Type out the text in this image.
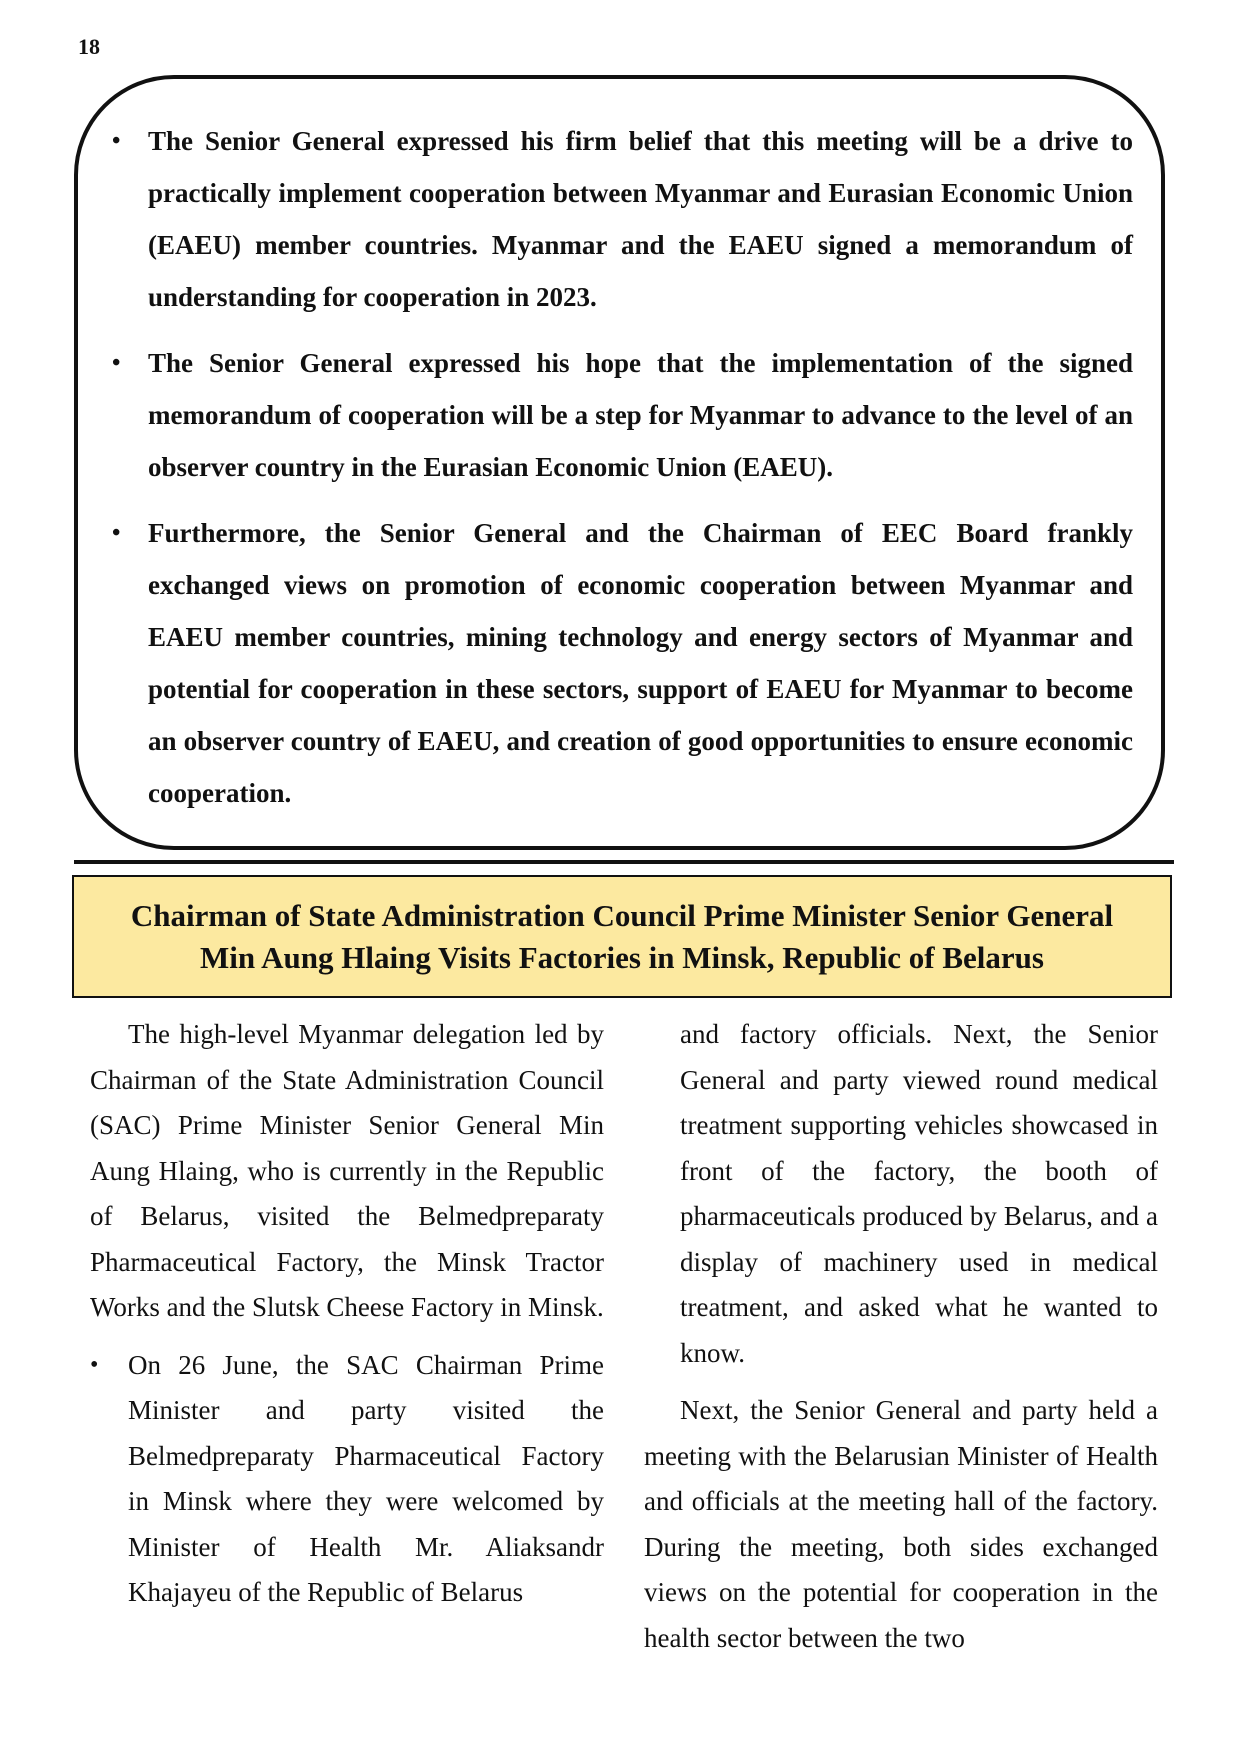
18
• The Senior General expressed his firm belief that this meeting will be a drive to practically implement cooperation between Myanmar and Eurasian Economic Union (EAEU) member countries. Myanmar and the EAEU signed a memorandum of understanding for cooperation in 2023.
• The Senior General expressed his hope that the implementation of the signed memorandum of cooperation will be a step for Myanmar to advance to the level of an observer country in the Eurasian Economic Union (EAEU).
• Furthermore, the Senior General and the Chairman of EEC Board frankly exchanged views on promotion of economic cooperation between Myanmar and EAEU member countries, mining technology and energy sectors of Myanmar and potential for cooperation in these sectors, support of EAEU for Myanmar to become an observer country of EAEU, and creation of good opportunities to ensure economic cooperation.
Chairman of State Administration Council Prime Minister Senior General Min Aung Hlaing Visits Factories in Minsk, Republic of Belarus

The high-level Myanmar delegation led by Chairman of the State Administration Council (SAC) Prime Minister Senior General Min Aung Hlaing, who is currently in the Republic of Belarus, visited the Belmedpreparaty Pharmaceutical Factory, the Minsk Tractor Works and the Slutsk Cheese Factory in Minsk.

• On 26 June, the SAC Chairman Prime Minister and party visited the Belmedpreparaty Pharmaceutical Factory in Minsk where they were welcomed by Minister of Health Mr. Aliaksandr Khajayeu of the Republic of Belarus

and factory officials. Next, the Senior General and party viewed round medical treatment supporting vehicles showcased in front of the factory, the booth of pharmaceuticals produced by Belarus, and a display of machinery used in medical treatment, and asked what he wanted to know.

Next, the Senior General and party held a meeting with the Belarusian Minister of Health and officials at the meeting hall of the factory. During the meeting, both sides exchanged views on the potential for cooperation in the health sector between the two
